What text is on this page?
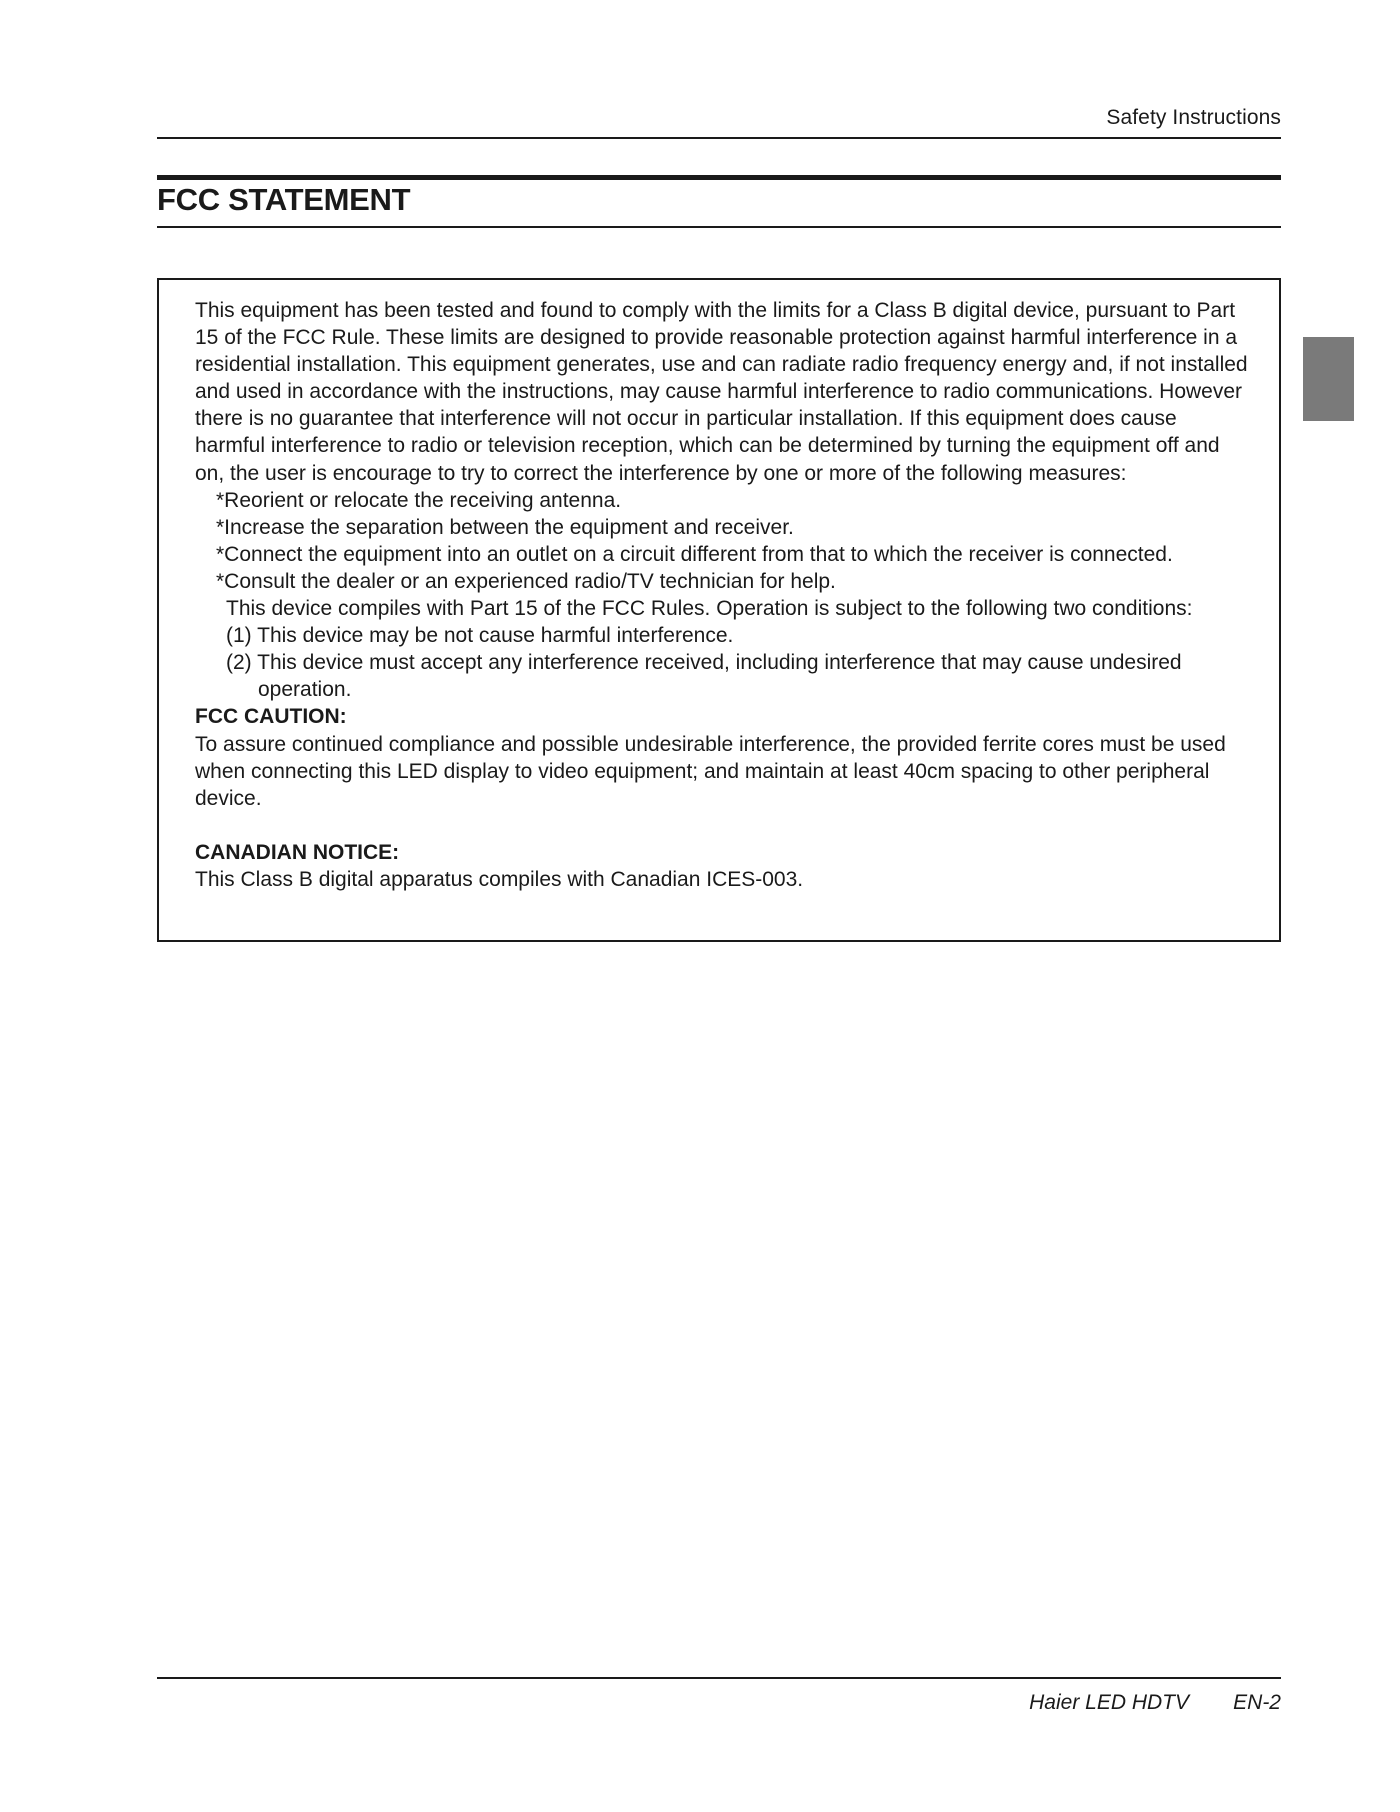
Safety Instructions
FCC STATEMENT

This equipment has been tested and found to comply with the limits for a Class B digital device, pursuant to Part 15 of the FCC Rule. These limits are designed to provide reasonable protection against harmful interference in a residential installation. This equipment generates, use and can radiate radio frequency energy and, if not installed and used in accordance with the instructions, may cause harmful interference to radio communications. However there is no guarantee that interference will not occur in particular installation. If this equipment does cause harmful interference to radio or television reception, which can be determined by turning the equipment off and on, the user is encourage to try to correct the interference by one or more of the following measures:

*Reorient or relocate the receiving antenna.

*Increase the separation between the equipment and receiver.

*Connect the equipment into an outlet on a circuit different from that to which the receiver is connected.

*Consult the dealer or an experienced radio/TV technician for help.

This device compiles with Part 15 of the FCC Rules. Operation is subject to the following two conditions:

(1) This device may be not cause harmful interference.

(2) This device must accept any interference received, including interference that may cause undesired

operation.

FCC CAUTION:

To assure continued compliance and possible undesirable interference, the provided ferrite cores must be used when connecting this LED display to video equipment; and maintain at least 40cm spacing to other peripheral device.

CANADIAN NOTICE:

This Class B digital apparatus compiles with Canadian ICES-003.

Haier LED HDTV EN-2
